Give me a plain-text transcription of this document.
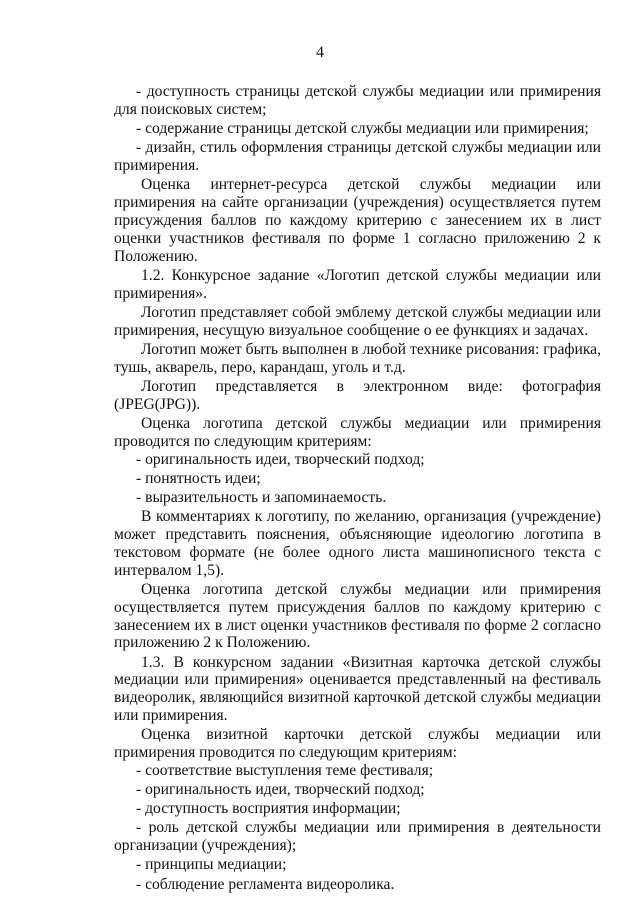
4

- доступность страницы детской службы медиации или примирения для поисковых систем;

- содержание страницы детской службы медиации или примирения;

- дизайн, стиль оформления страницы детской службы медиации или примирения.

Оценка интернет-ресурса детской службы медиации или примирения на сайте организации (учреждения) осуществляется путем присуждения баллов по каждому критерию с занесением их в лист оценки участников фестиваля по форме 1 согласно приложению 2 к Положению.

1.2. Конкурсное задание «Логотип детской службы медиации или примирения».

Логотип представляет собой эмблему детской службы медиации или примирения, несущую визуальное сообщение о ее функциях и задачах.

Логотип может быть выполнен в любой технике рисования: графика, тушь, акварель, перо, карандаш, уголь и т.д.

Логотип представляется в электронном виде: фотография (JPEG(JPG)).

Оценка логотипа детской службы медиации или примирения проводится по следующим критериям:

- оригинальность идеи, творческий подход;

- понятность идеи;

- выразительность и запоминаемость.

В комментариях к логотипу, по желанию, организация (учреждение) может представить пояснения, объясняющие идеологию логотипа в текстовом формате (не более одного листа машинописного текста с интервалом 1,5).

Оценка логотипа детской службы медиации или примирения осуществляется путем присуждения баллов по каждому критерию с занесением их в лист оценки участников фестиваля по форме 2 согласно приложению 2 к Положению.

1.3. В конкурсном задании «Визитная карточка детской службы медиации или примирения» оценивается представленный на фестиваль видеоролик, являющийся визитной карточкой детской службы медиации или примирения.

Оценка визитной карточки детской службы медиации или примирения проводится по следующим критериям:

- соответствие выступления теме фестиваля;

- оригинальность идеи, творческий подход;

- доступность восприятия информации;

- роль детской службы медиации или примирения в деятельности организации (учреждения);

- принципы медиации;

- соблюдение регламента видеоролика.
